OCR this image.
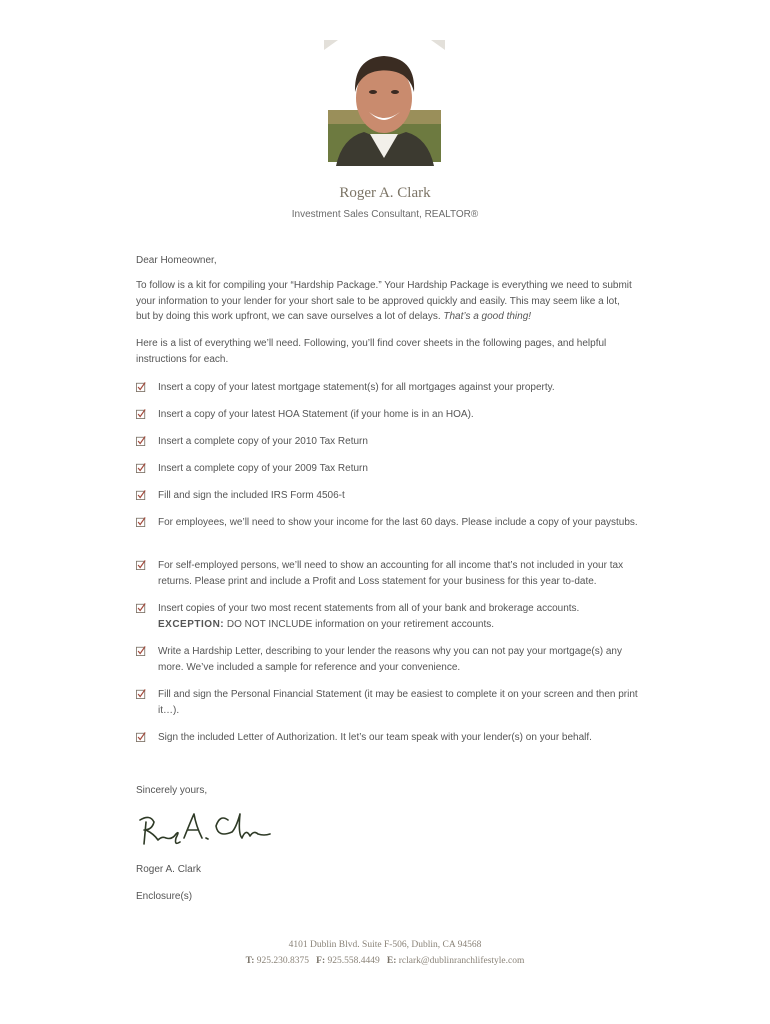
Roger A. Clark
Investment Sales Consultant, REALTOR®
Dear Homeowner,
To follow is a kit for compiling your “Hardship Package.” Your Hardship Package is everything we need to submit your information to your lender for your short sale to be approved quickly and easily. This may seem like a lot, but by doing this work upfront, we can save ourselves a lot of delays. That’s a good thing!
Here is a list of everything we’ll need. Following, you’ll find cover sheets in the following pages, and helpful instructions for each.
Insert a copy of your latest mortgage statement(s) for all mortgages against your property.
Insert a copy of your latest HOA Statement (if your home is in an HOA).
Insert a complete copy of your 2010 Tax Return
Insert a complete copy of your 2009 Tax Return
Fill and sign the included IRS Form 4506-t
For employees, we’ll need to show your income for the last 60 days. Please include a copy of your paystubs.
For self-employed persons, we’ll need to show an accounting for all income that’s not included in your tax returns. Please print and include a Profit and Loss statement for your business for this year to-date.
Insert copies of your two most recent statements from all of your bank and brokerage accounts.
EXCEPTION: DO NOT INCLUDE information on your retirement accounts.
Write a Hardship Letter, describing to your lender the reasons why you can not pay your mortgage(s) any more. We’ve included a sample for reference and your convenience.
Fill and sign the Personal Financial Statement (it may be easiest to complete it on your screen and then print it…).
Sign the included Letter of Authorization. It let’s our team speak with your lender(s) on your behalf.
Sincerely yours,
Roger A. Clark
Enclosure(s)
4101 Dublin Blvd. Suite F-506, Dublin, CA 94568
T: 925.230.8375 F: 925.558.4449 E: rclark@dublinranchlifestyle.com
